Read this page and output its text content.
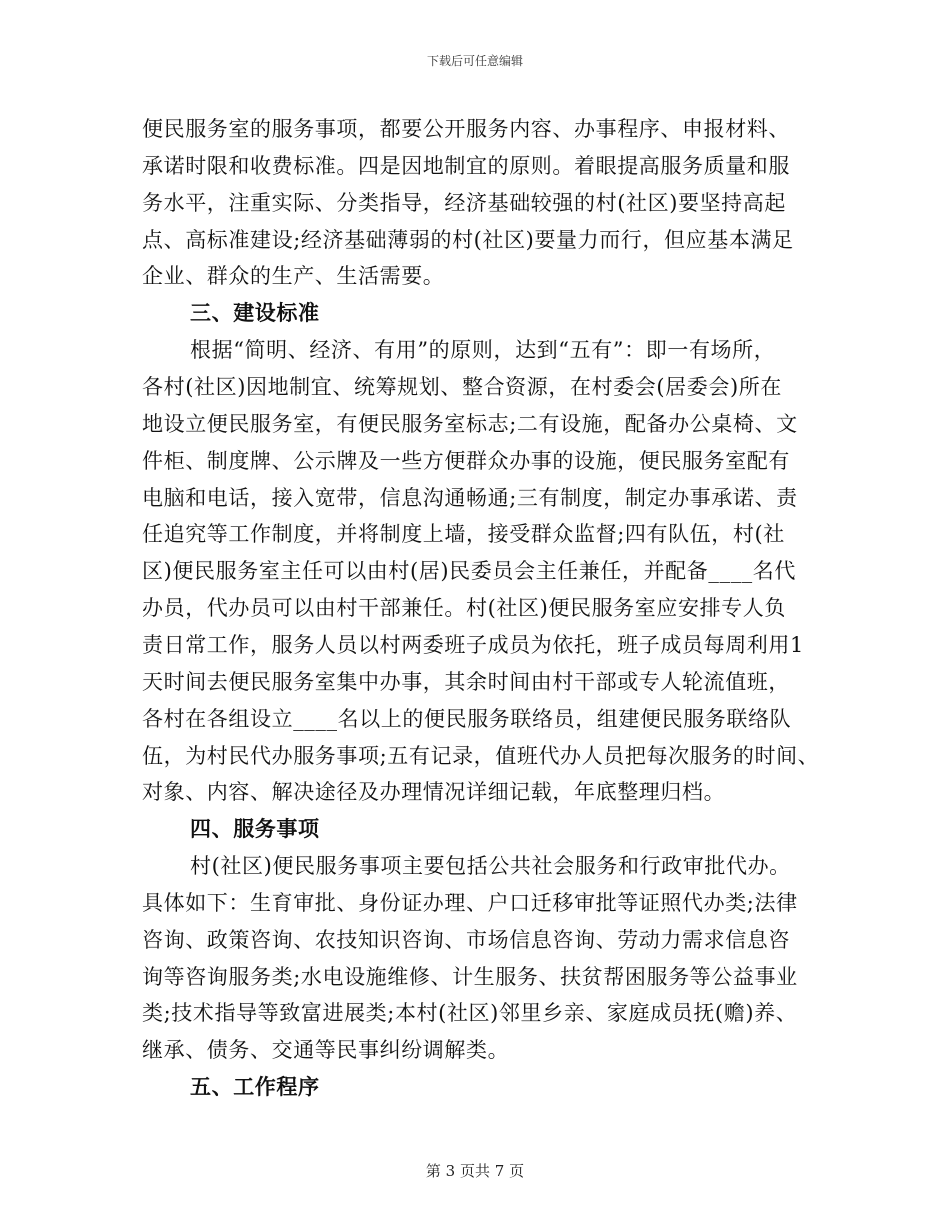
下载后可任意编辑
便民服务室的服务事项，都要公开服务内容、办事程序、申报材料、
承诺时限和收费标准。四是因地制宜的原则。着眼提高服务质量和服
务水平，注重实际、分类指导，经济基础较强的村(社区)要坚持高起
点、高标准建设;经济基础薄弱的村(社区)要量力而行，但应基本满足
企业、群众的生产、生活需要。
三、建设标准
根据“简明、经济、有用”的原则，达到“五有”：即一有场所，
各村(社区)因地制宜、统筹规划、整合资源，在村委会(居委会)所在
地设立便民服务室，有便民服务室标志;二有设施，配备办公桌椅、文
件柜、制度牌、公示牌及一些方便群众办事的设施，便民服务室配有
电脑和电话，接入宽带，信息沟通畅通;三有制度，制定办事承诺、责
任追究等工作制度，并将制度上墙，接受群众监督;四有队伍，村(社
区)便民服务室主任可以由村(居)民委员会主任兼任，并配备____名代
办员，代办员可以由村干部兼任。村(社区)便民服务室应安排专人负
责日常工作，服务人员以村两委班子成员为依托，班子成员每周利用1
天时间去便民服务室集中办事，其余时间由村干部或专人轮流值班，
各村在各组设立____名以上的便民服务联络员，组建便民服务联络队
伍，为村民代办服务事项;五有记录，值班代办人员把每次服务的时间、
对象、内容、解决途径及办理情况详细记载，年底整理归档。
四、服务事项
村(社区)便民服务事项主要包括公共社会服务和行政审批代办。
具体如下：生育审批、身份证办理、户口迁移审批等证照代办类;法律
咨询、政策咨询、农技知识咨询、市场信息咨询、劳动力需求信息咨
询等咨询服务类;水电设施维修、计生服务、扶贫帮困服务等公益事业
类;技术指导等致富进展类;本村(社区)邻里乡亲、家庭成员抚(赡)养、
继承、债务、交通等民事纠纷调解类。
五、工作程序
第 3 页共 7 页
